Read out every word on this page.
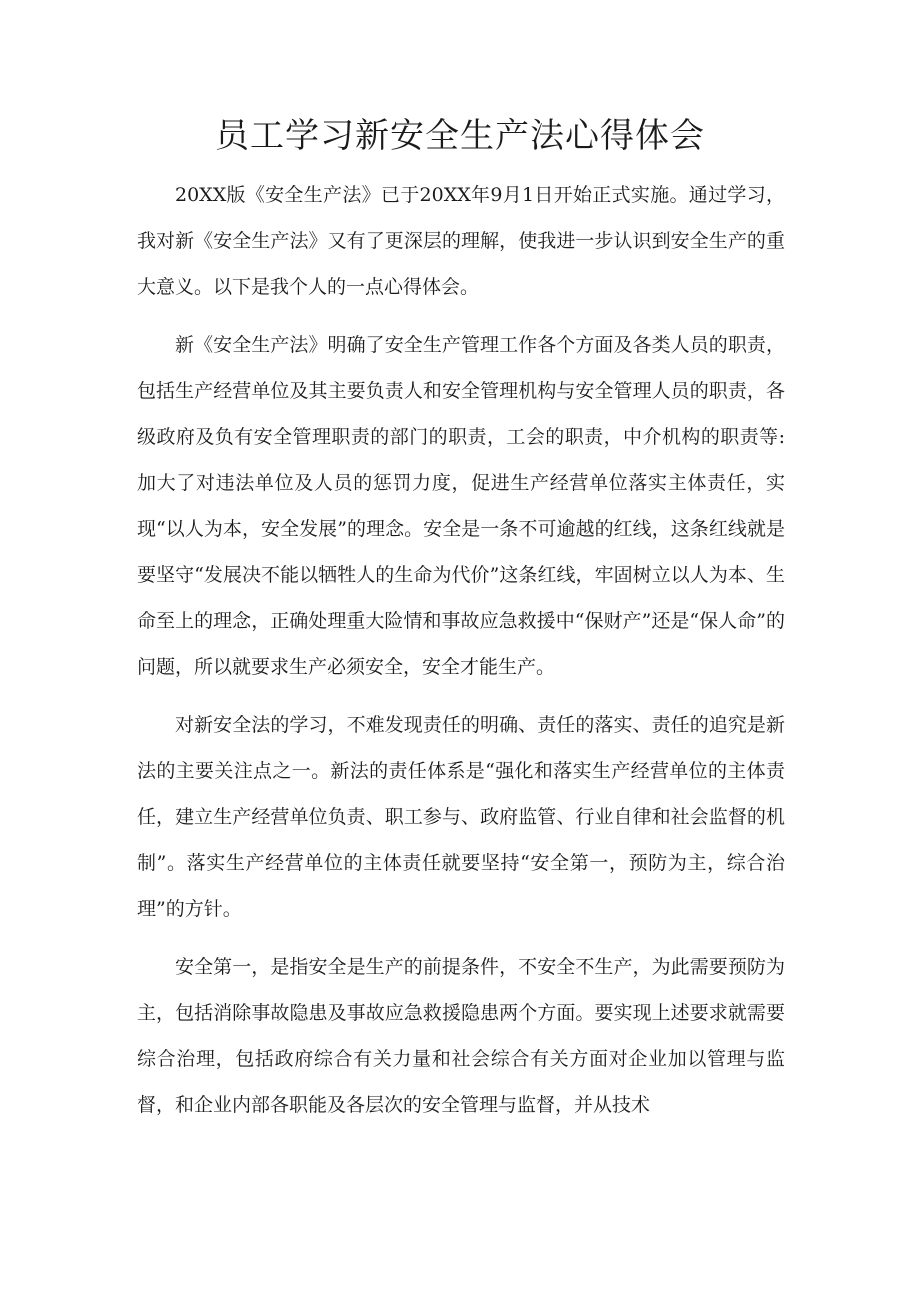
员工学习新安全生产法心得体会

20XX版《安全生产法》已于20XX年9月1日开始正式实施。通过学习，我对新《安全生产法》又有了更深层的理解，使我进一步认识到安全生产的重大意义。以下是我个人的一点心得体会。

新《安全生产法》明确了安全生产管理工作各个方面及各类人员的职责，包括生产经营单位及其主要负责人和安全管理机构与安全管理人员的职责，各级政府及负有安全管理职责的部门的职责，工会的职责，中介机构的职责等:加大了对违法单位及人员的惩罚力度，促进生产经营单位落实主体责任，实现“以人为本，安全发展”的理念。安全是一条不可逾越的红线，这条红线就是要坚守“发展决不能以牺牲人的生命为代价”这条红线，牢固树立以人为本、生命至上的理念，正确处理重大险情和事故应急救援中“保财产”还是“保人命”的问题，所以就要求生产必须安全，安全才能生产。

对新安全法的学习，不难发现责任的明确、责任的落实、责任的追究是新法的主要关注点之一。新法的责任体系是“强化和落实生产经营单位的主体责任，建立生产经营单位负责、职工参与、政府监管、行业自律和社会监督的机制”。落实生产经营单位的主体责任就要坚持“安全第一，预防为主，综合治理”的方针。

安全第一，是指安全是生产的前提条件，不安全不生产，为此需要预防为主，包括消除事故隐患及事故应急救援隐患两个方面。要实现上述要求就需要综合治理，包括政府综合有关力量和社会综合有关方面对企业加以管理与监督，和企业内部各职能及各层次的安全管理与监督，并从技术
